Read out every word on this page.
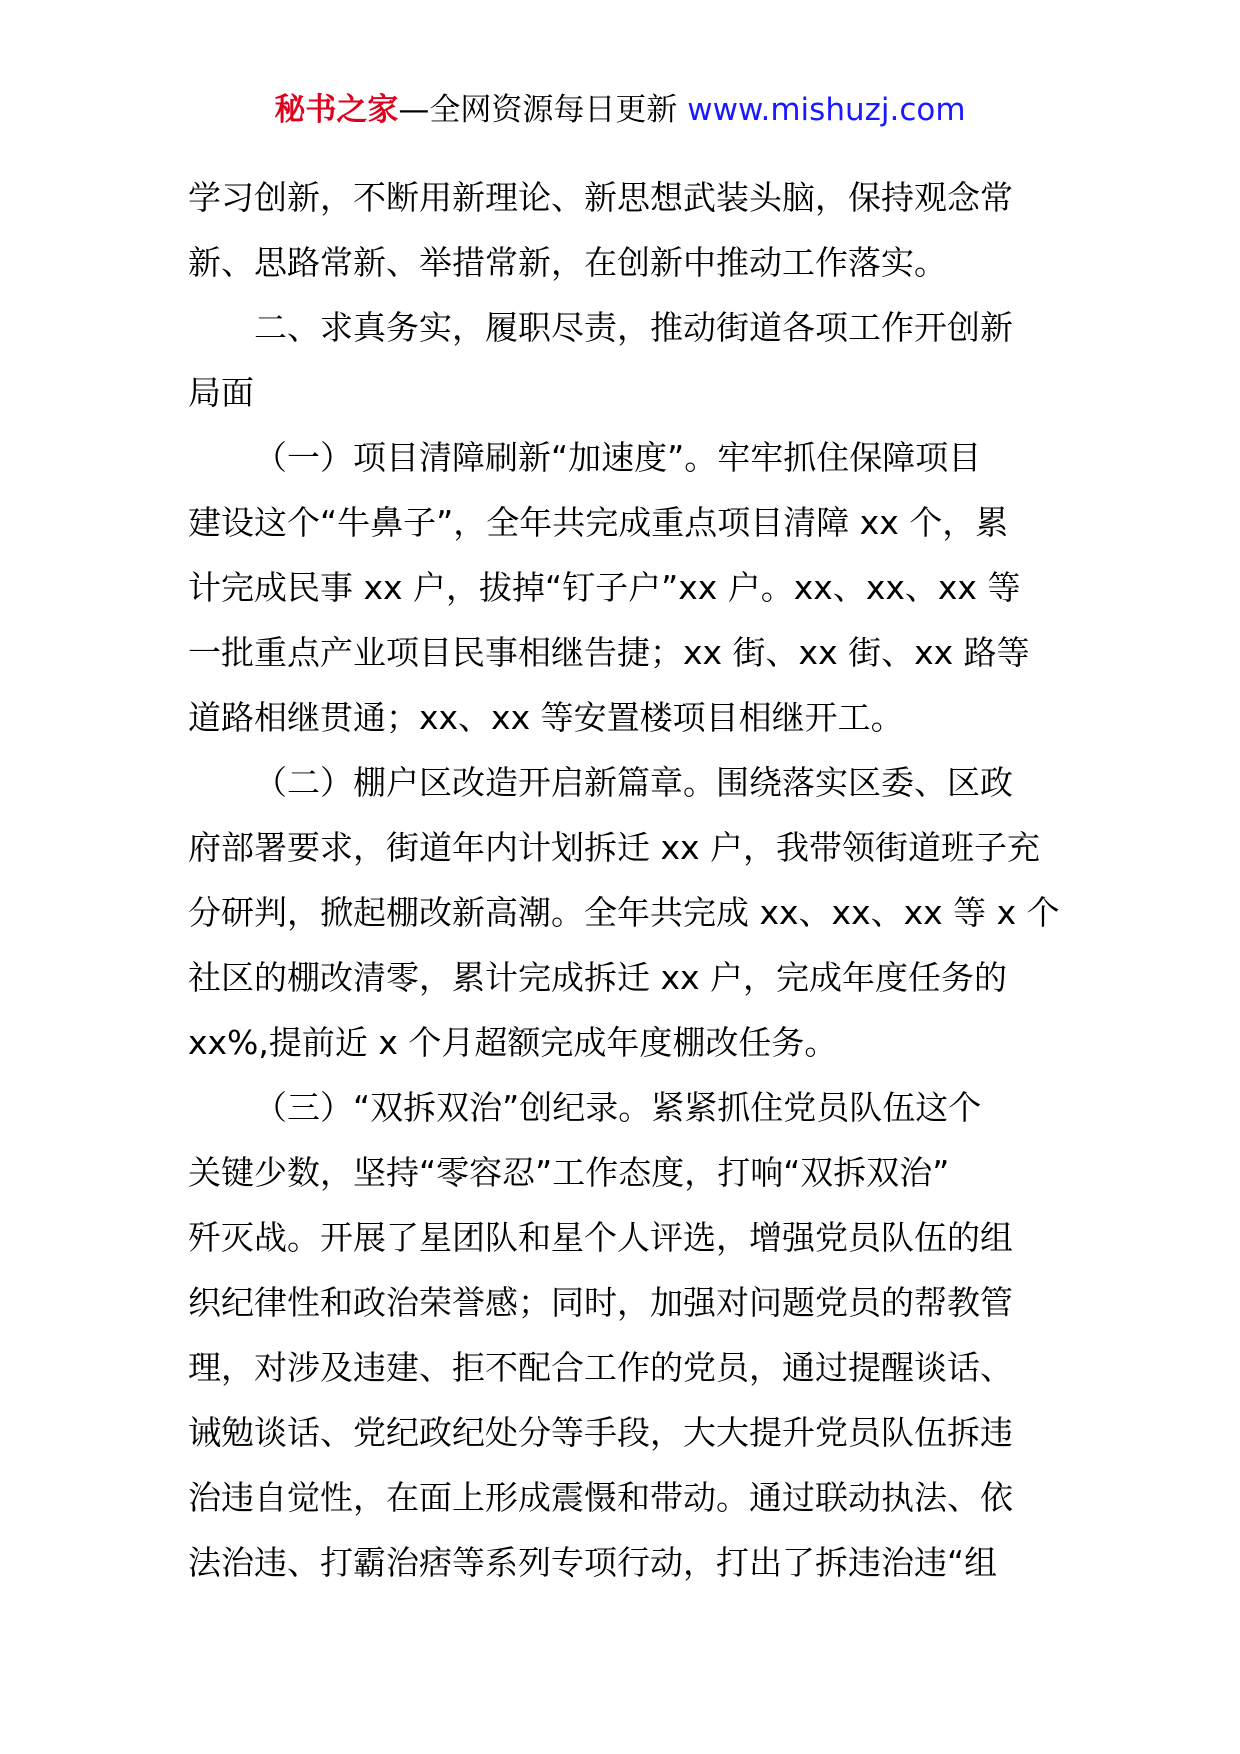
秘书之家—全网资源每日更新 www.mishuzj.com
学习创新，不断用新理论、新思想武装头脑，保持观念常
新、思路常新、举措常新，在创新中推动工作落实。
二、求真务实，履职尽责，推动街道各项工作开创新
局面
（一）项目清障刷新“加速度”。牢牢抓住保障项目
建设这个“牛鼻子”，全年共完成重点项目清障 xx 个，累
计完成民事 xx 户，拔掉“钉子户”xx 户。xx、xx、xx 等
一批重点产业项目民事相继告捷；xx 街、xx 街、xx 路等
道路相继贯通；xx、xx 等安置楼项目相继开工。
（二）棚户区改造开启新篇章。围绕落实区委、区政
府部署要求，街道年内计划拆迁 xx 户，我带领街道班子充
分研判，掀起棚改新高潮。全年共完成 xx、xx、xx 等 x 个
社区的棚改清零，累计完成拆迁 xx 户，完成年度任务的
xx%,提前近 x 个月超额完成年度棚改任务。
（三）“双拆双治”创纪录。紧紧抓住党员队伍这个
关键少数，坚持“零容忍”工作态度，打响“双拆双治”
歼灭战。开展了星团队和星个人评选，增强党员队伍的组
织纪律性和政治荣誉感；同时，加强对问题党员的帮教管
理，对涉及违建、拒不配合工作的党员，通过提醒谈话、
诫勉谈话、党纪政纪处分等手段，大大提升党员队伍拆违
治违自觉性，在面上形成震慑和带动。通过联动执法、依
法治违、打霸治痞等系列专项行动，打出了拆违治违“组
